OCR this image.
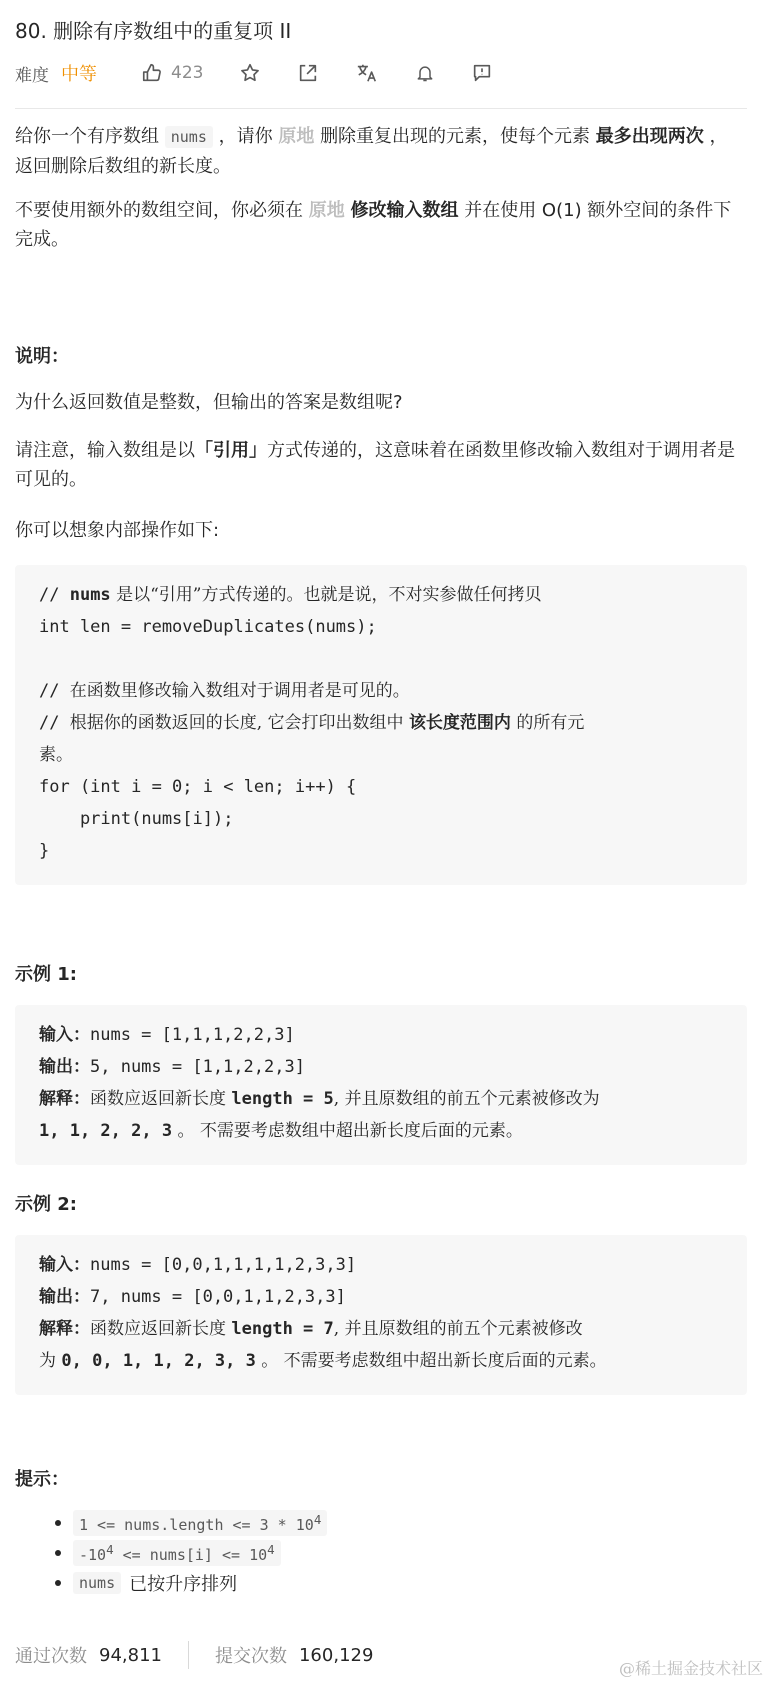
80. 删除有序数组中的重复项 II
难度 中等	423
给你一个有序数组 nums ，请你 原地 删除重复出现的元素，使每个元素 最多出现两次 ，返回删除后数组的新长度。
不要使用额外的数组空间，你必须在 原地 修改输入数组 并在使用 O(1) 额外空间的条件下完成。
说明：
为什么返回数值是整数，但输出的答案是数组呢?
请注意，输入数组是以「引用」方式传递的，这意味着在函数里修改输入数组对于调用者是可见的。
你可以想象内部操作如下:
// nums 是以“引用”方式传递的。也就是说，不对实参做任何拷贝
int len = removeDuplicates(nums);

// 在函数里修改输入数组对于调用者是可见的。
// 根据你的函数返回的长度, 它会打印出数组中 该长度范围内 的所有元
素。
for (int i = 0; i < len; i++) {
print(nums[i]);
}
示例 1:
输入：nums = [1,1,1,2,2,3]
输出：5, nums = [1,1,2,2,3]
解释：函数应返回新长度 length = 5, 并且原数组的前五个元素被修改为
1, 1, 2, 2, 3 。 不需要考虑数组中超出新长度后面的元素。
示例 2:
输入：nums = [0,0,1,1,1,1,2,3,3]
输出：7, nums = [0,0,1,1,2,3,3]
解释：函数应返回新长度 length = 7, 并且原数组的前五个元素被修改
为 0, 0, 1, 1, 2, 3, 3 。 不需要考虑数组中超出新长度后面的元素。
提示：
1 <= nums.length <= $3 * 10^4$
$-10^4$ <= nums[i] <= $10^4$
nums 已按升序排列
通过次数 94,811	提交次数 160,129
@稀土掘金技术社区
